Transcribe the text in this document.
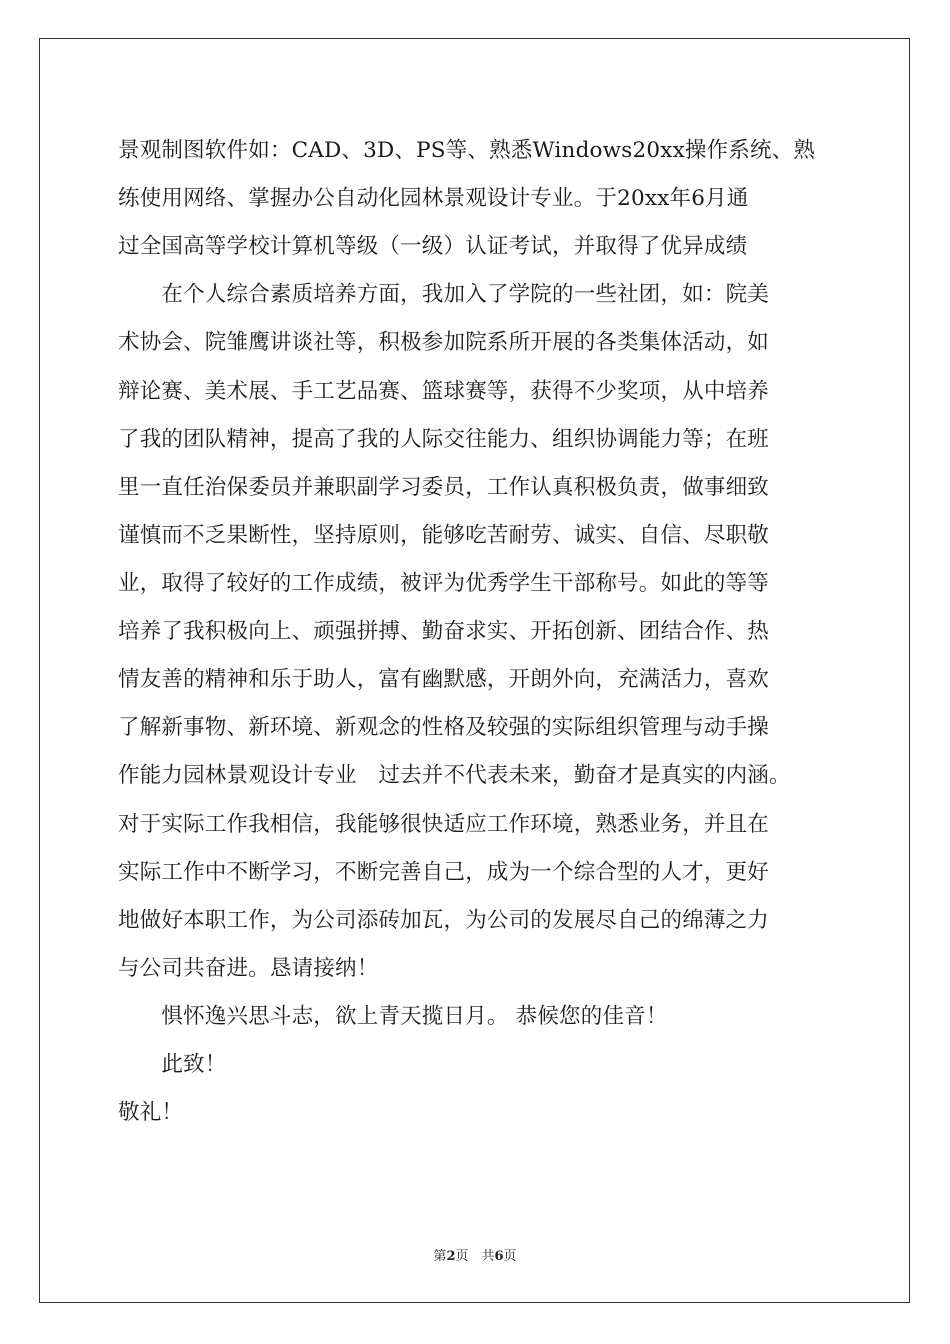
景观制图软件如：CAD、3D、PS等、熟悉Windows20xx操作系统、熟
练使用网络、掌握办公自动化园林景观设计专业。于20xx年6月通
过全国高等学校计算机等级（一级）认证考试，并取得了优异成绩
　　在个人综合素质培养方面，我加入了学院的一些社团，如：院美
术协会、院雏鹰讲谈社等，积极参加院系所开展的各类集体活动，如
辩论赛、美术展、手工艺品赛、篮球赛等，获得不少奖项，从中培养
了我的团队精神，提高了我的人际交往能力、组织协调能力等；在班
里一直任治保委员并兼职副学习委员，工作认真积极负责，做事细致
谨慎而不乏果断性，坚持原则，能够吃苦耐劳、诚实、自信、尽职敬
业，取得了较好的工作成绩，被评为优秀学生干部称号。如此的等等
培养了我积极向上、顽强拼搏、勤奋求实、开拓创新、团结合作、热
情友善的精神和乐于助人，富有幽默感，开朗外向，充满活力，喜欢
了解新事物、新环境、新观念的性格及较强的实际组织管理与动手操
作能力园林景观设计专业　过去并不代表未来，勤奋才是真实的内涵。
对于实际工作我相信，我能够很快适应工作环境，熟悉业务，并且在
实际工作中不断学习，不断完善自己，成为一个综合型的人才，更好
地做好本职工作，为公司添砖加瓦，为公司的发展尽自己的绵薄之力
与公司共奋进。恳请接纳！
　　惧怀逸兴思斗志，欲上青天揽日月。 恭候您的佳音！
　　此致！
敬礼！
第2页　共6页
